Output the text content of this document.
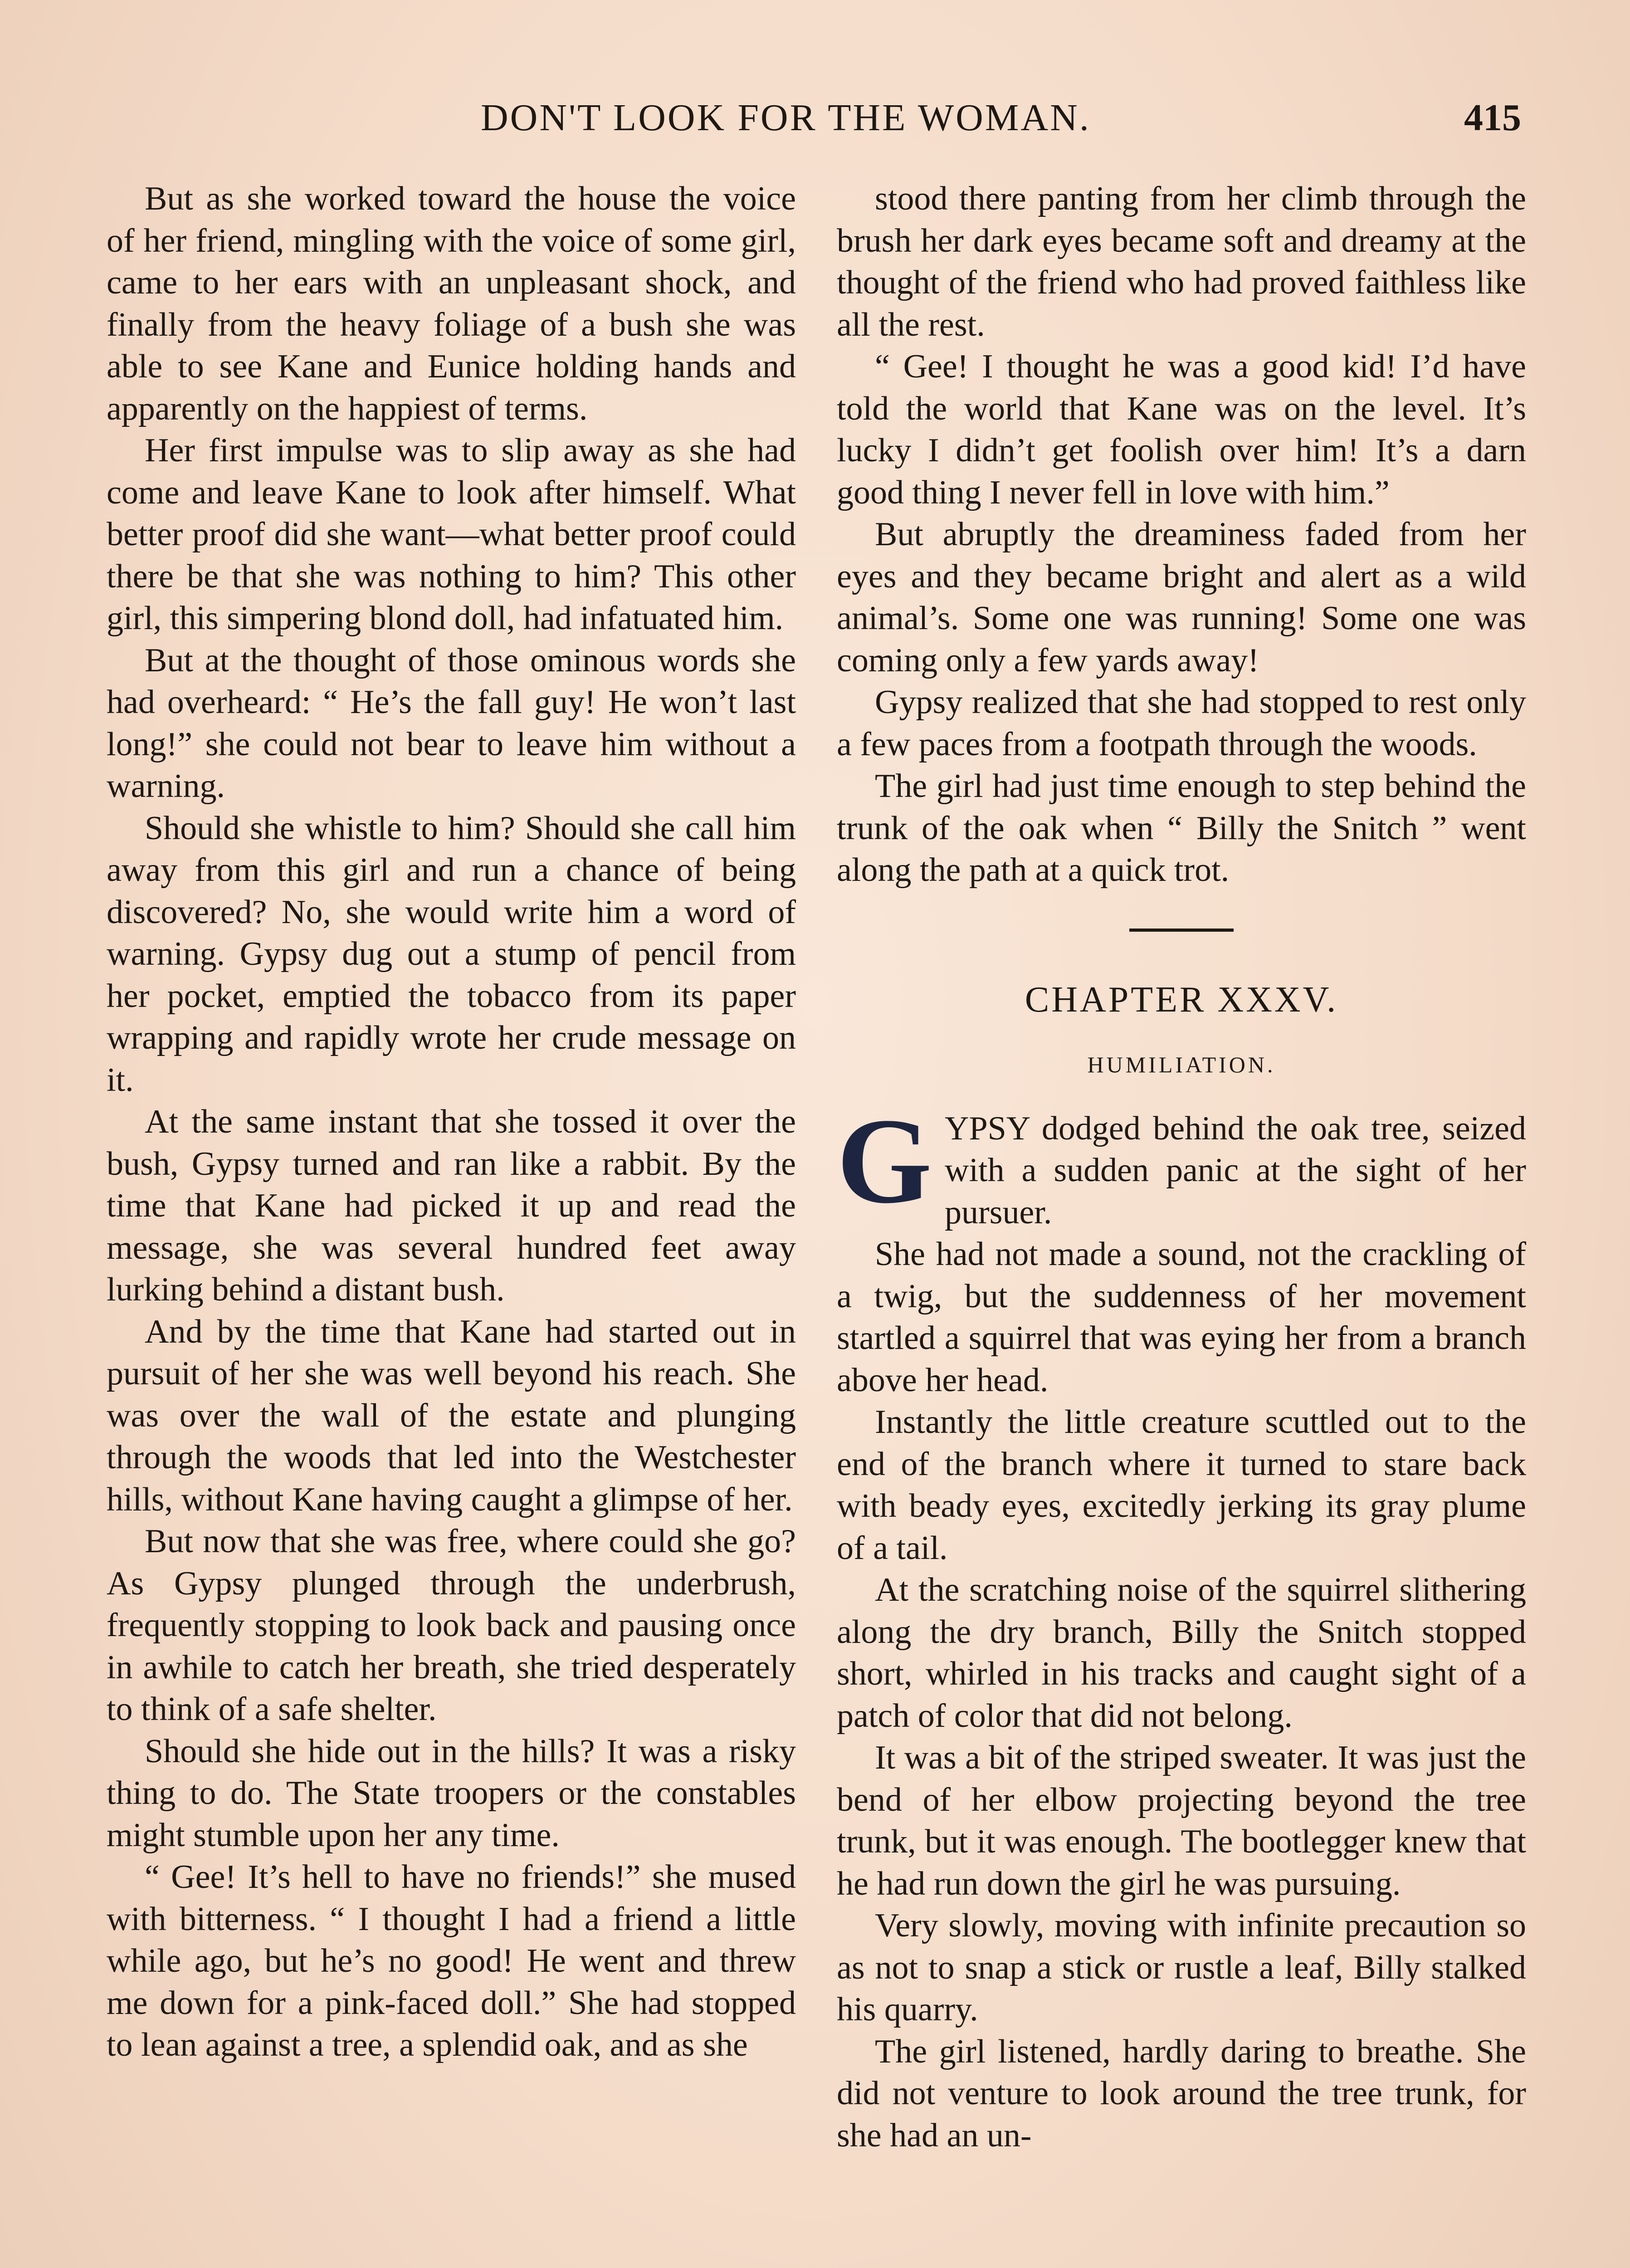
DON'T LOOK FOR THE WOMAN.	415

But as she worked toward the house the voice of her friend, mingling with the voice of some girl, came to her ears with an unpleasant shock, and finally from the heavy foliage of a bush she was able to see Kane and Eunice holding hands and apparently on the happiest of terms.

Her first impulse was to slip away as she had come and leave Kane to look after himself. What better proof did she want—what better proof could there be that she was nothing to him? This other girl, this simpering blond doll, had infatuated him.

But at the thought of those ominous words she had overheard: “ He’s the fall guy! He won’t last long!” she could not bear to leave him without a warning.

Should she whistle to him? Should she call him away from this girl and run a chance of being discovered? No, she would write him a word of warning. Gypsy dug out a stump of pencil from her pocket, emptied the tobacco from its paper wrapping and rapidly wrote her crude message on it.

At the same instant that she tossed it over the bush, Gypsy turned and ran like a rabbit. By the time that Kane had picked it up and read the message, she was several hundred feet away lurking behind a distant bush.

And by the time that Kane had started out in pursuit of her she was well beyond his reach. She was over the wall of the estate and plunging through the woods that led into the Westchester hills, without Kane having caught a glimpse of her.

But now that she was free, where could she go? As Gypsy plunged through the underbrush, frequently stopping to look back and pausing once in awhile to catch her breath, she tried desperately to think of a safe shelter.

Should she hide out in the hills? It was a risky thing to do. The State troopers or the constables might stumble upon her any time.

“ Gee! It’s hell to have no friends!” she mused with bitterness. “ I thought I had a friend a little while ago, but he’s no good! He went and threw me down for a pink-faced doll.” She had stopped to lean against a tree, a splendid oak, and as she

stood there panting from her climb through the brush her dark eyes became soft and dreamy at the thought of the friend who had proved faithless like all the rest.

“ Gee! I thought he was a good kid! I’d have told the world that Kane was on the level. It’s lucky I didn’t get foolish over him! It’s a darn good thing I never fell in love with him.”

But abruptly the dreaminess faded from her eyes and they became bright and alert as a wild animal’s. Some one was running! Some one was coming only a few yards away!

Gypsy realized that she had stopped to rest only a few paces from a footpath through the woods.

The girl had just time enough to step behind the trunk of the oak when “ Billy the Snitch ” went along the path at a quick trot.

CHAPTER XXXV.
HUMILIATION.

GYPSY dodged behind the oak tree, seized with a sudden panic at the sight of her pursuer.

She had not made a sound, not the crackling of a twig, but the suddenness of her movement startled a squirrel that was eying her from a branch above her head.

Instantly the little creature scuttled out to the end of the branch where it turned to stare back with beady eyes, excitedly jerking its gray plume of a tail.

At the scratching noise of the squirrel slithering along the dry branch, Billy the Snitch stopped short, whirled in his tracks and caught sight of a patch of color that did not belong.

It was a bit of the striped sweater. It was just the bend of her elbow projecting beyond the tree trunk, but it was enough. The bootlegger knew that he had run down the girl he was pursuing.

Very slowly, moving with infinite precaution so as not to snap a stick or rustle a leaf, Billy stalked his quarry.

The girl listened, hardly daring to breathe. She did not venture to look around the tree trunk, for she had an un-
